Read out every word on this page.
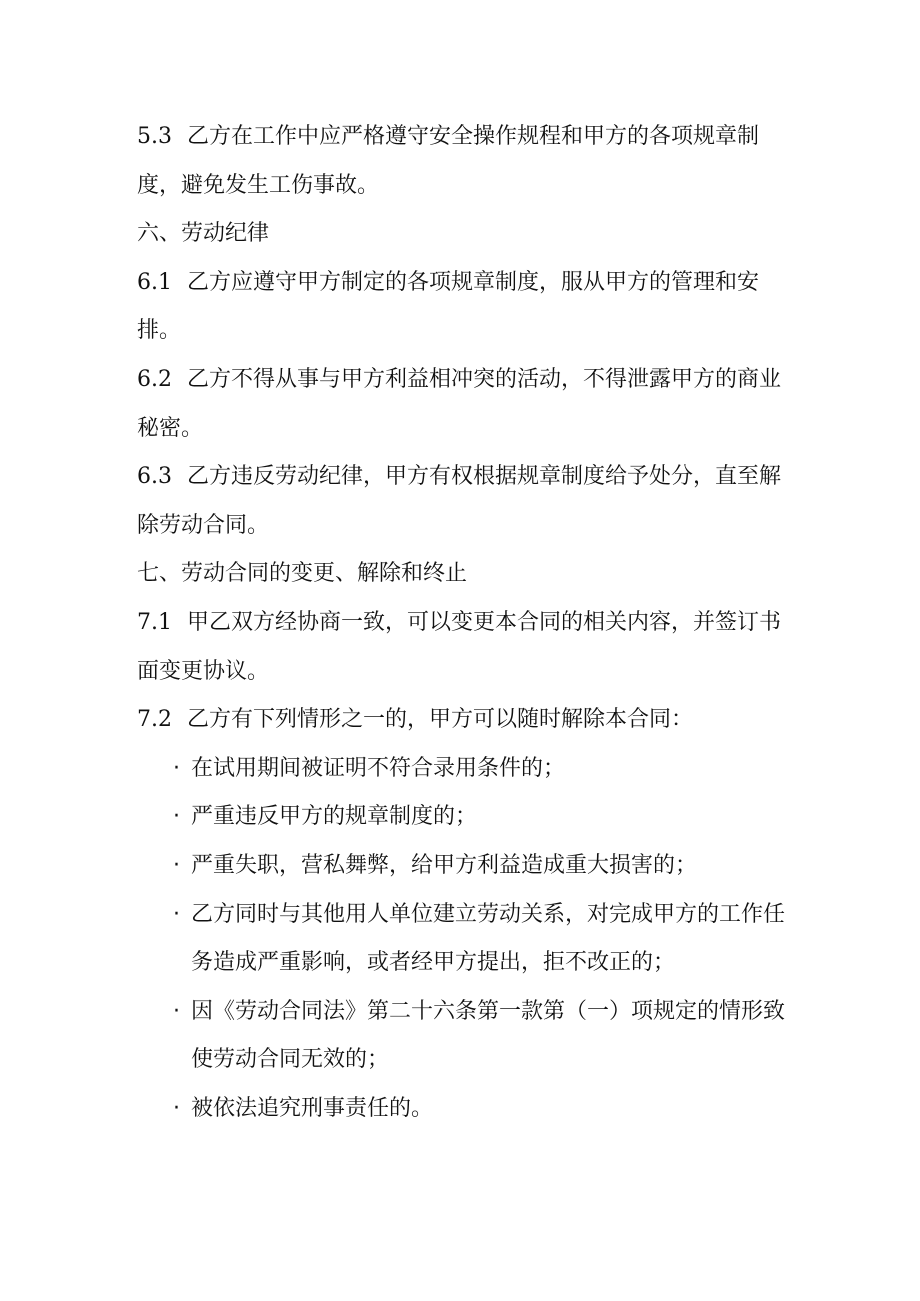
5.3 乙方在工作中应严格遵守安全操作规程和甲方的各项规章制度，避免发生工伤事故。

六、劳动纪律

6.1 乙方应遵守甲方制定的各项规章制度，服从甲方的管理和安排。

6.2 乙方不得从事与甲方利益相冲突的活动，不得泄露甲方的商业秘密。

6.3 乙方违反劳动纪律，甲方有权根据规章制度给予处分，直至解除劳动合同。

七、劳动合同的变更、解除和终止

7.1 甲乙双方经协商一致，可以变更本合同的相关内容，并签订书面变更协议。

7.2 乙方有下列情形之一的，甲方可以随时解除本合同：

· 在试用期间被证明不符合录用条件的；

· 严重违反甲方的规章制度的；

· 严重失职，营私舞弊，给甲方利益造成重大损害的；

· 乙方同时与其他用人单位建立劳动关系，对完成甲方的工作任务造成严重影响，或者经甲方提出，拒不改正的；

· 因《劳动合同法》第二十六条第一款第（一）项规定的情形致使劳动合同无效的；

· 被依法追究刑事责任的。
